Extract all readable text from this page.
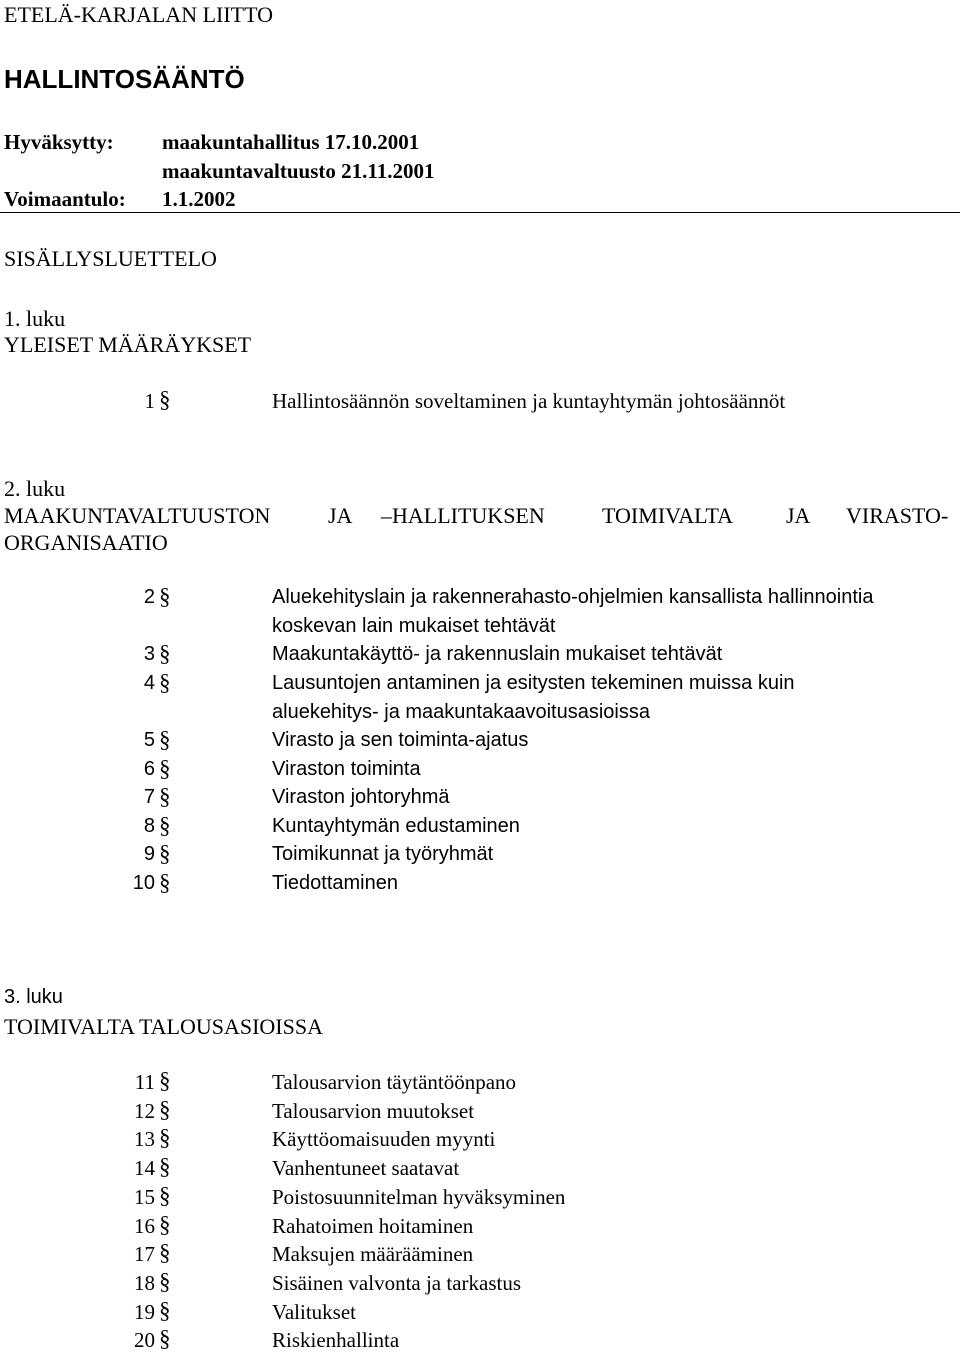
ETELÄ-KARJALAN LIITTO
HALLINTOSÄÄNTÖ
Hyväksytty: maakuntahallitus 17.10.2001
maakuntavaltuusto 21.11.2001
Voimaantulo: 1.1.2002
SISÄLLYSLUETTELO
1. luku
YLEISET MÄÄRÄYKSET
1 §	Hallintosäännön soveltaminen ja kuntayhtymän johtosäännöt
2. luku
MAAKUNTAVALTUUSTON	JA –HALLITUKSEN	TOIMIVALTA JA VIRASTO-
ORGANISAATIO
2 §	Aluekehityslain ja rakennerahasto-ohjelmien kansallista hallinnointia
koskevan lain mukaiset tehtävät
3 §	Maakuntakäyttö- ja rakennuslain mukaiset tehtävät
4 §	Lausuntojen antaminen ja esitysten tekeminen muissa kuin
aluekehitys- ja maakuntakaavoitusasioissa
5 §	Virasto ja sen toiminta-ajatus
6 §	Viraston toiminta
7 §	Viraston johtoryhmä
8 §	Kuntayhtymän edustaminen
9 §	Toimikunnat ja työryhmät
10 §	Tiedottaminen
3. luku
TOIMIVALTA TALOUSASIOISSA
11 §	Talousarvion täytäntöönpano
12 §	Talousarvion muutokset
13 §	Käyttöomaisuuden myynti
14 §	Vanhentuneet saatavat
15 §	Poistosuunnitelman hyväksyminen
16 §	Rahatoimen hoitaminen
17 §	Maksujen määrääminen
18 §	Sisäinen valvonta ja tarkastus
19 §	Valitukset
20 §	Riskienhallinta
